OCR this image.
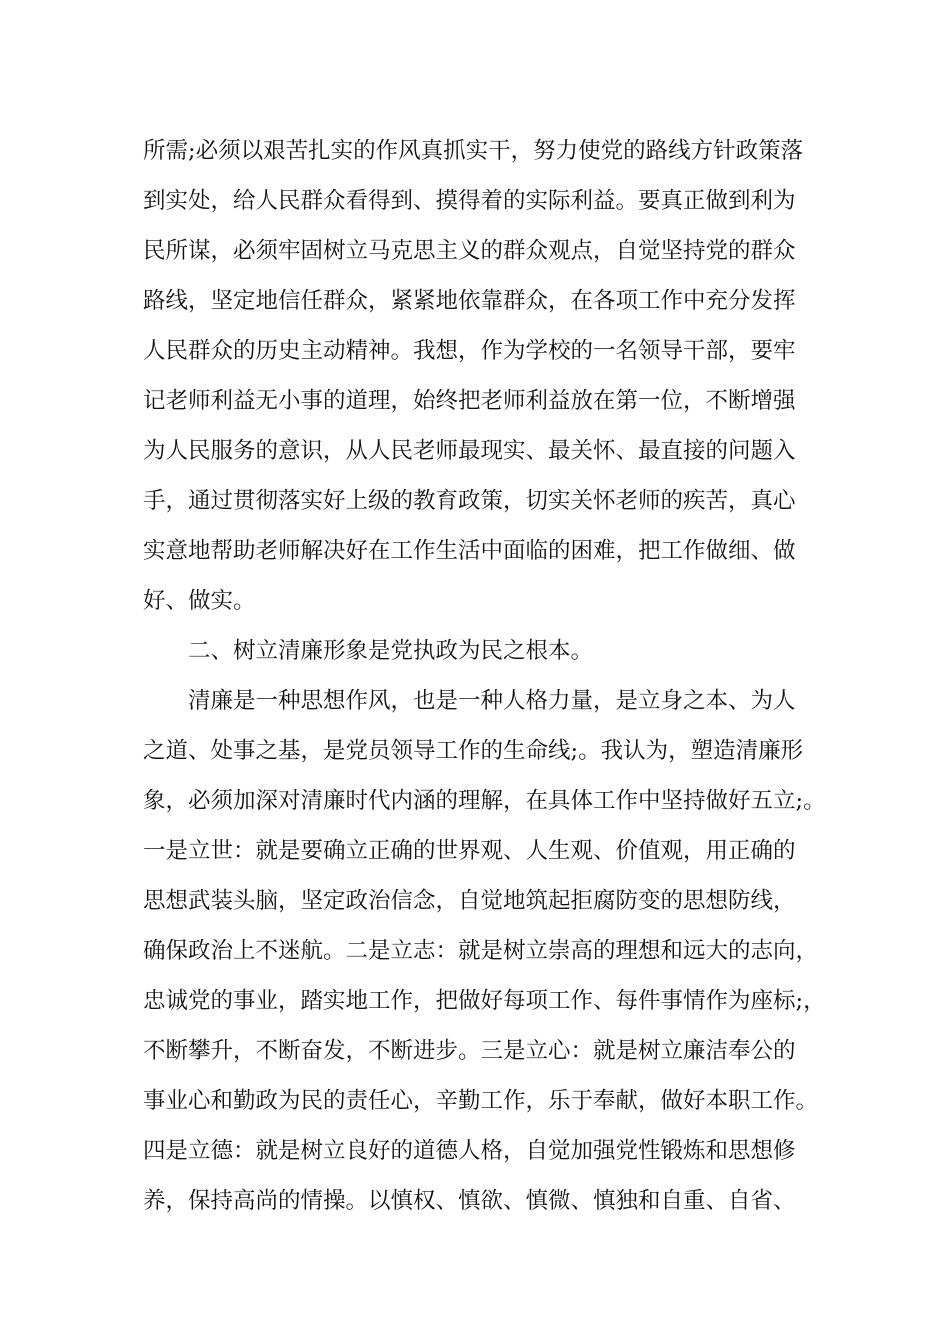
所需;必须以艰苦扎实的作风真抓实干，努力使党的路线方针政策落
到实处，给人民群众看得到、摸得着的实际利益。要真正做到利为
民所谋，必须牢固树立马克思主义的群众观点，自觉坚持党的群众
路线，坚定地信任群众，紧紧地依靠群众，在各项工作中充分发挥
人民群众的历史主动精神。我想，作为学校的一名领导干部，要牢
记老师利益无小事的道理，始终把老师利益放在第一位，不断增强
为人民服务的意识，从人民老师最现实、最关怀、最直接的问题入
手，通过贯彻落实好上级的教育政策，切实关怀老师的疾苦，真心
实意地帮助老师解决好在工作生活中面临的困难，把工作做细、做
好、做实。
二、树立清廉形象是党执政为民之根本。
清廉是一种思想作风，也是一种人格力量，是立身之本、为人
之道、处事之基，是党员领导工作的生命线;。我认为，塑造清廉形
象，必须加深对清廉时代内涵的理解，在具体工作中坚持做好五立;。
一是立世：就是要确立正确的世界观、人生观、价值观，用正确的
思想武装头脑，坚定政治信念，自觉地筑起拒腐防变的思想防线，
确保政治上不迷航。二是立志：就是树立崇高的理想和远大的志向，
忠诚党的事业，踏实地工作，把做好每项工作、每件事情作为座标;，
不断攀升，不断奋发，不断进步。三是立心：就是树立廉洁奉公的
事业心和勤政为民的责任心，辛勤工作，乐于奉献，做好本职工作。
四是立德：就是树立良好的道德人格，自觉加强党性锻炼和思想修
养，保持高尚的情操。以慎权、慎欲、慎微、慎独和自重、自省、
